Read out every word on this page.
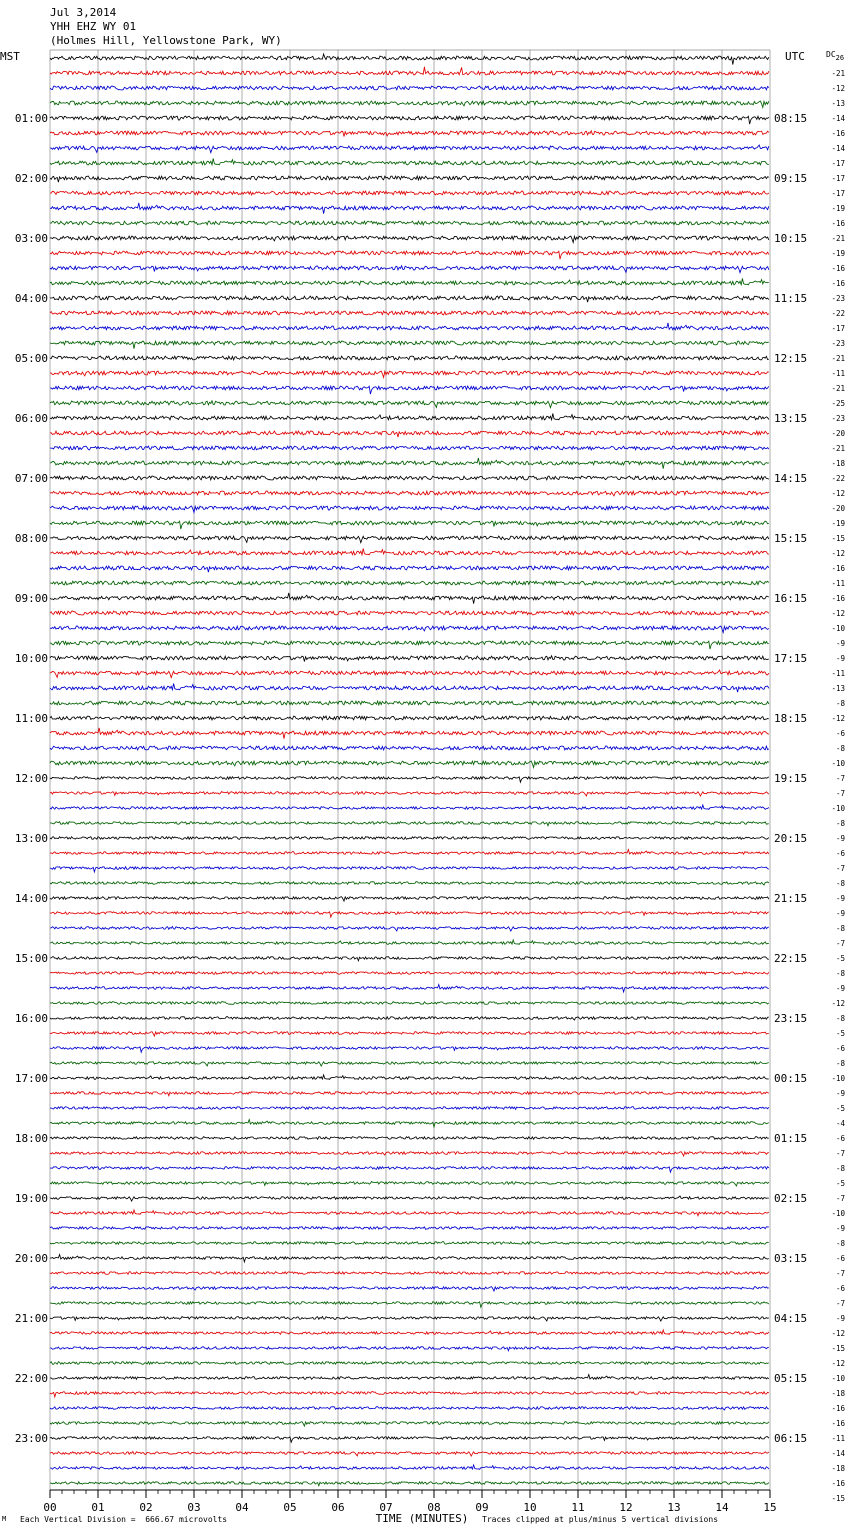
Jul 3,2014
YHH EHZ WY 01
(Holmes Hill, Yellowstone Park, WY)
MST	UTC	DC26
00	01	02	03	04	05	06	07	08	09	10	11	12	13	14	15
01:00
02:00
03:00
04:00
05:00
06:00
07:00
08:00
09:00
10:00
11:00
12:00
13:00
14:00
15:00
16:00
17:00
18:00
19:00
20:00
21:00
22:00
23:00
08:15
09:15
10:15
11:15
12:15
13:15
14:15
15:15
16:15
17:15
18:15
19:15
20:15
21:15
22:15
23:15
00:15
01:15
02:15
03:15
04:15
05:15
06:15
-21
-12
-13
-14
-16
-14
-17
-17
-17
-19
-16
-21
-19
-16
-16
-23
-22
-17
-23
-21
-11
-21
-25
-23
-20
-21
-18
-22
-12
-20
-19
-15
-12
-16
-11
-16
-12
-10
-9
-9
-11
-13
-8
-12
-6
-8
-10
-7
-7
-10
-8
-9
-6
-7
-8
-9
-9
-8
-7
-5
-8
-9
-12
-8
-5
-6
-8
-10
-9
-5
-4
-6
-7
-8
-5
-7
-10
-9
-8
-6
-7
-6
-7
-9
-12
-15
-12
-10
-18
-16
-16
-11
-14
-18
-16
-15
TIME (MINUTES)
M Each Vertical Division =  666.67 microvolts	Traces clipped at plus/minus 5 vertical divisions
